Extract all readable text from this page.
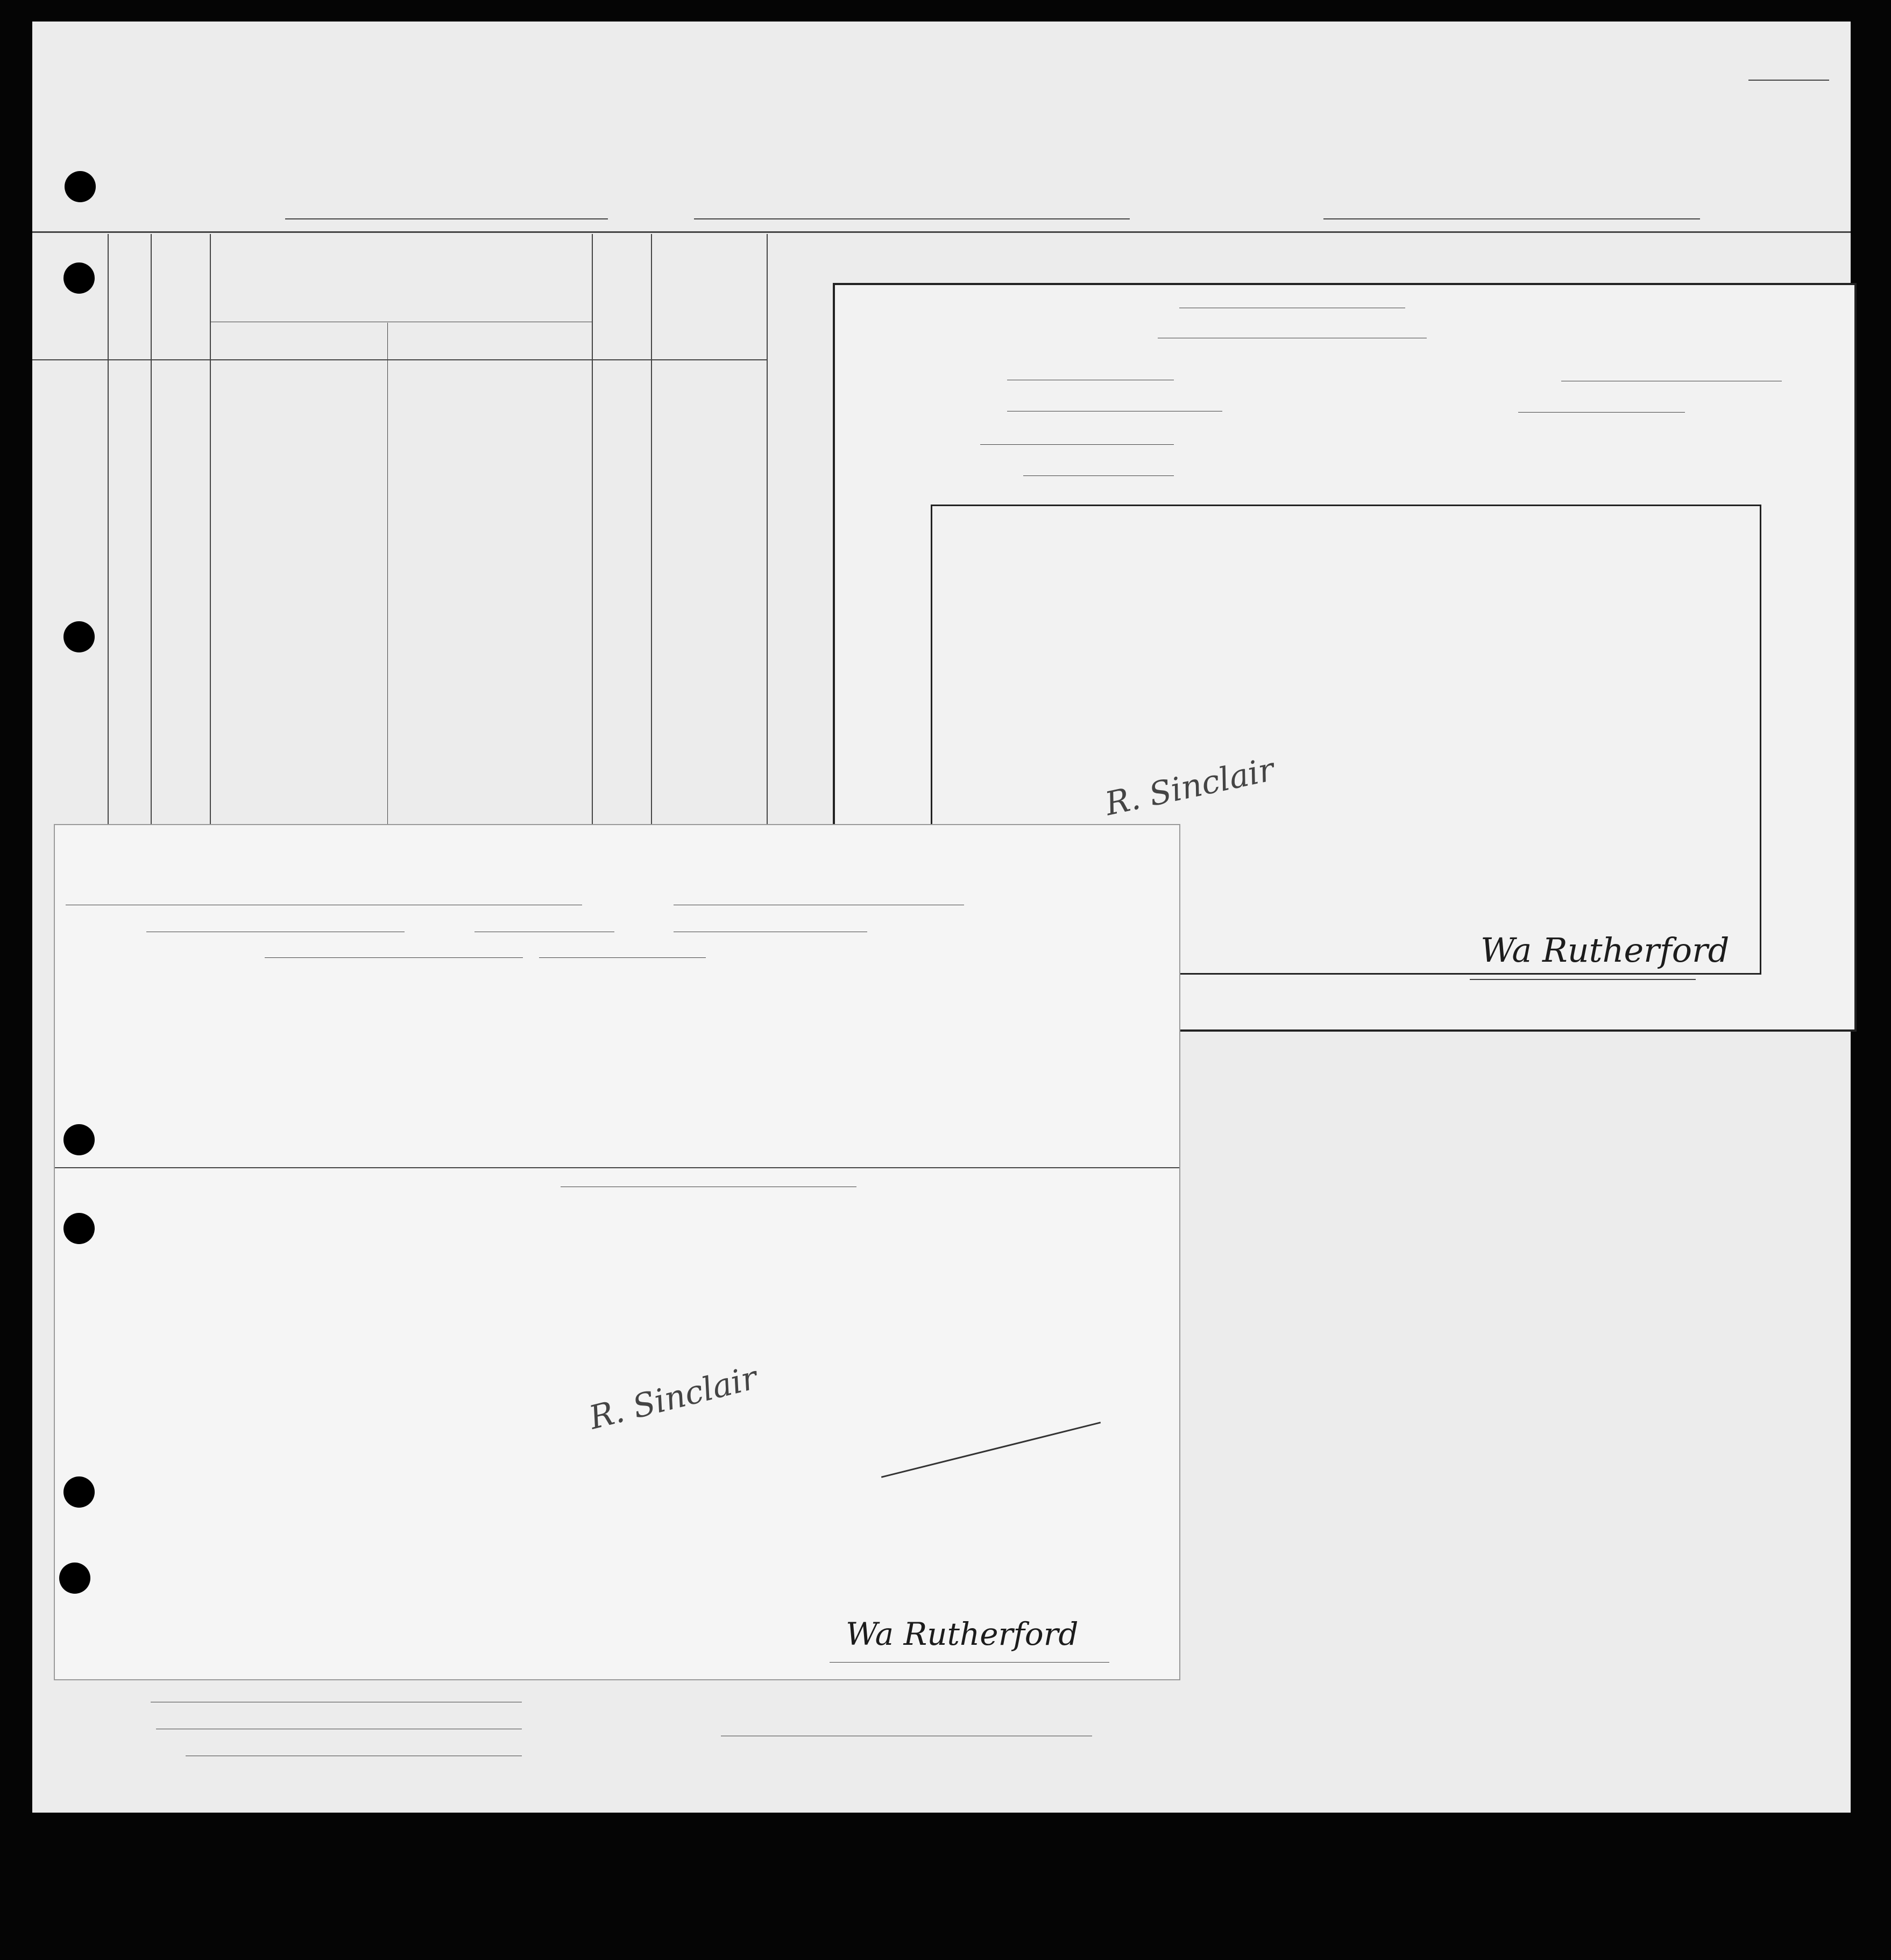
R. Sinclair
Wa Rutherford
R. Sinclair
Wa Rutherford
